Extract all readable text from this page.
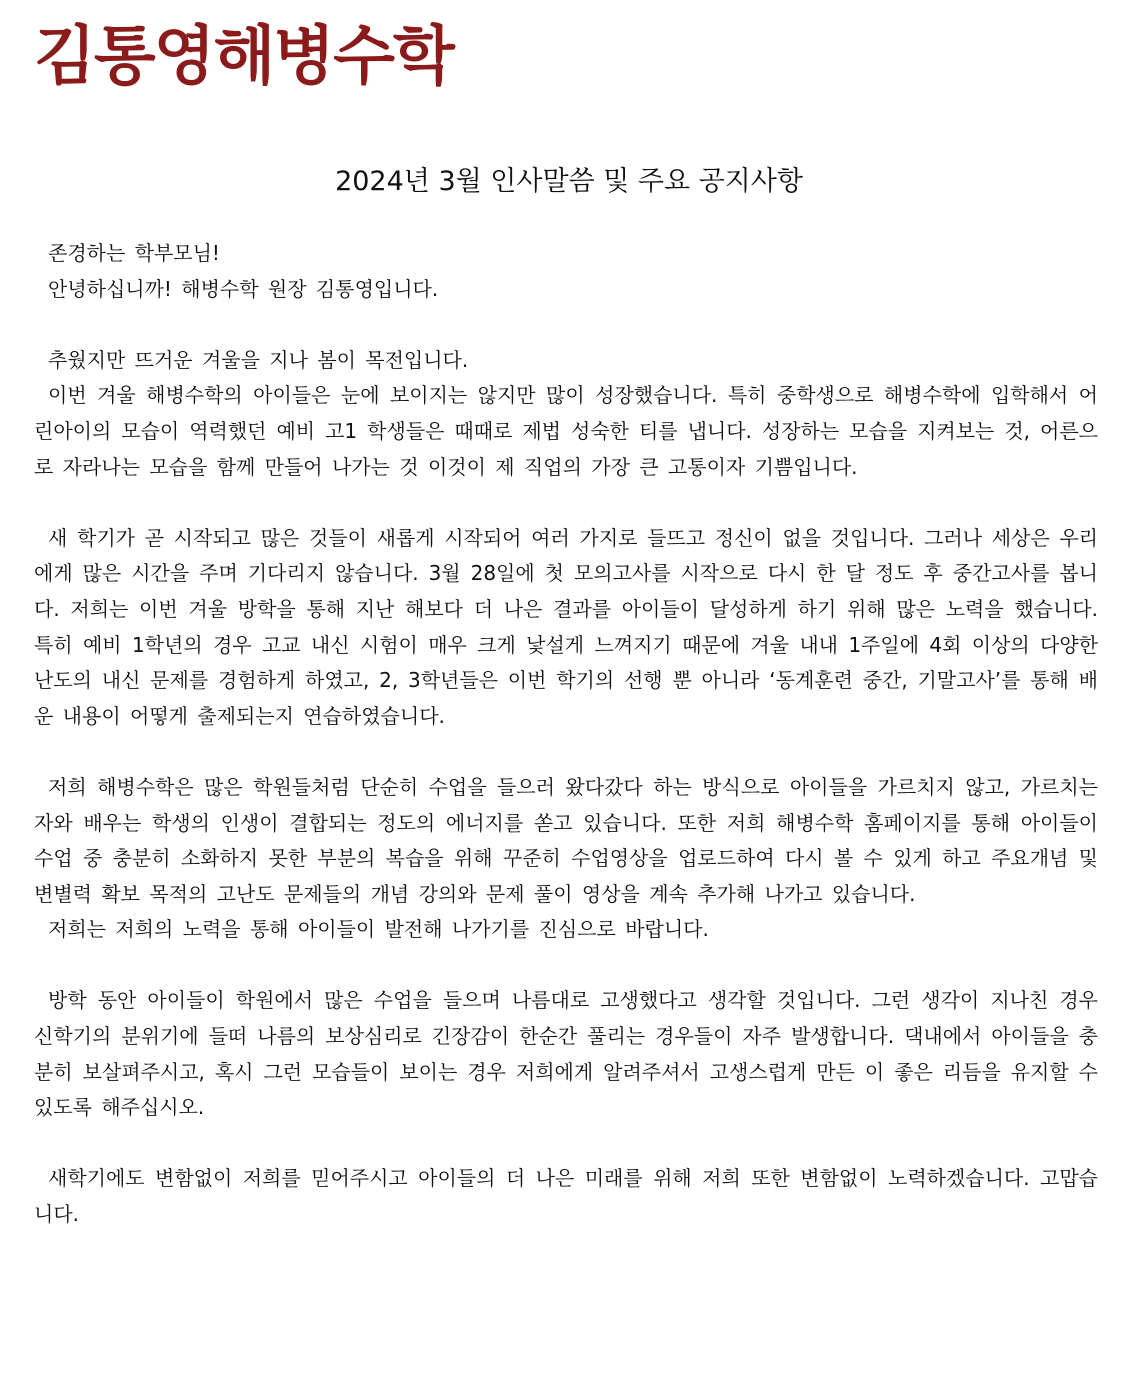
김통영해병수학
2024년 3월 인사말씀 및 주요 공지사항

존경하는 학부모님!

안녕하십니까! 해병수학 원장 김통영입니다.

추웠지만 뜨거운 겨울을 지나 봄이 목전입니다.

이번 겨울 해병수학의 아이들은 눈에 보이지는 않지만 많이 성장했습니다. 특히 중학생으로 해병수학에 입학해서 어린아이의 모습이 역력했던 예비 고1 학생들은 때때로 제법 성숙한 티를 냅니다. 성장하는 모습을 지켜보는 것, 어른으로 자라나는 모습을 함께 만들어 나가는 것 이것이 제 직업의 가장 큰 고통이자 기쁨입니다.

새 학기가 곧 시작되고 많은 것들이 새롭게 시작되어 여러 가지로 들뜨고 정신이 없을 것입니다. 그러나 세상은 우리에게 많은 시간을 주며 기다리지 않습니다. 3월 28일에 첫 모의고사를 시작으로 다시 한 달 정도 후 중간고사를 봅니다. 저희는 이번 겨울 방학을 통해 지난 해보다 더 나은 결과를 아이들이 달성하게 하기 위해 많은 노력을 했습니다. 특히 예비 1학년의 경우 고교 내신 시험이 매우 크게 낯설게 느껴지기 때문에 겨울 내내 1주일에 4회 이상의 다양한 난도의 내신 문제를 경험하게 하였고, 2, 3학년들은 이번 학기의 선행 뿐 아니라 ‘동계훈련 중간, 기말고사’를 통해 배운 내용이 어떻게 출제되는지 연습하였습니다.

저희 해병수학은 많은 학원들처럼 단순히 수업을 들으러 왔다갔다 하는 방식으로 아이들을 가르치지 않고, 가르치는 자와 배우는 학생의 인생이 결합되는 정도의 에너지를 쏟고 있습니다. 또한 저희 해병수학 홈페이지를 통해 아이들이 수업 중 충분히 소화하지 못한 부분의 복습을 위해 꾸준히 수업영상을 업로드하여 다시 볼 수 있게 하고 주요개념 및 변별력 확보 목적의 고난도 문제들의 개념 강의와 문제 풀이 영상을 계속 추가해 나가고 있습니다.

저희는 저희의 노력을 통해 아이들이 발전해 나가기를 진심으로 바랍니다.

방학 동안 아이들이 학원에서 많은 수업을 들으며 나름대로 고생했다고 생각할 것입니다. 그런 생각이 지나친 경우 신학기의 분위기에 들떠 나름의 보상심리로 긴장감이 한순간 풀리는 경우들이 자주 발생합니다. 댁내에서 아이들을 충분히 보살펴주시고, 혹시 그런 모습들이 보이는 경우 저희에게 알려주셔서 고생스럽게 만든 이 좋은 리듬을 유지할 수 있도록 해주십시오.

새학기에도 변함없이 저희를 믿어주시고 아이들의 더 나은 미래를 위해 저희 또한 변함없이 노력하겠습니다. 고맙습니다.
